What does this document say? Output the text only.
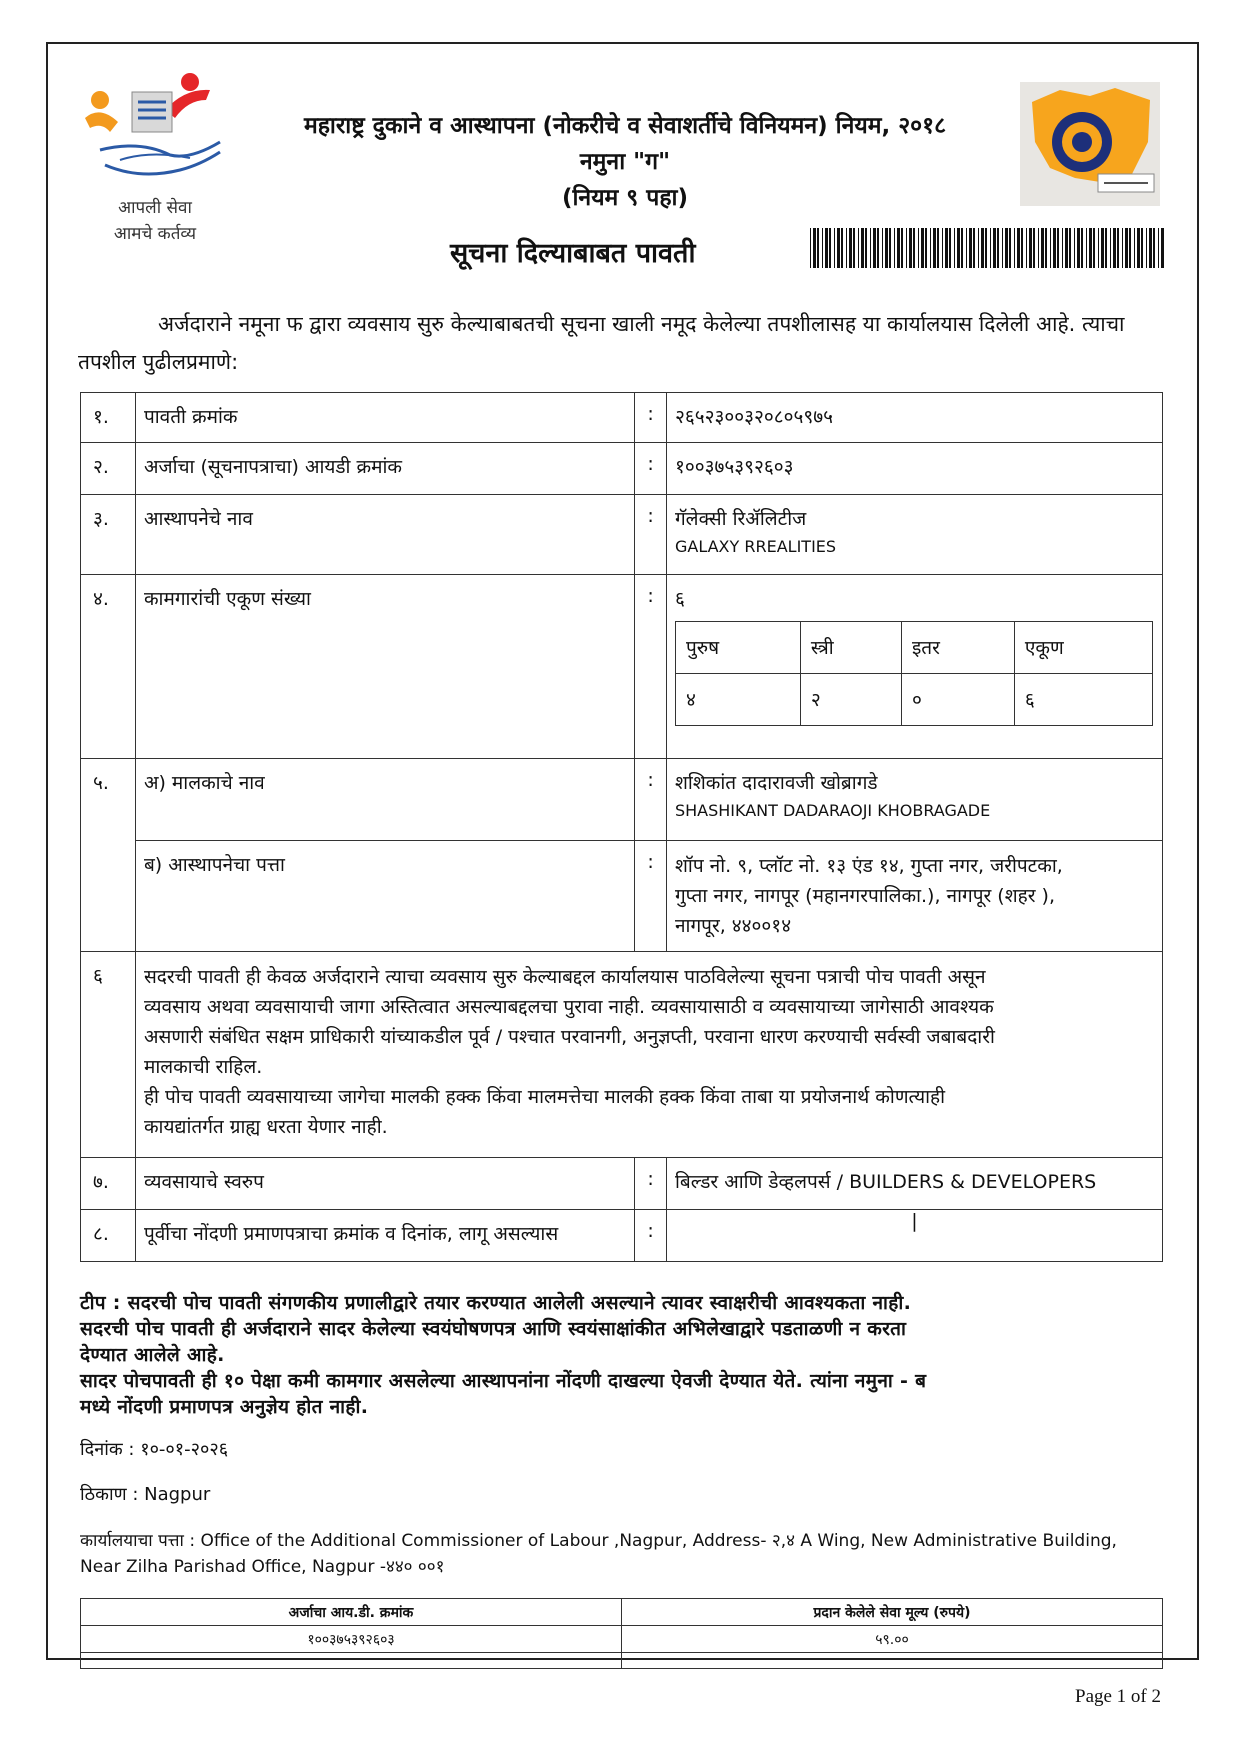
आपली सेवा
आमचे कर्तव्य
महाराष्ट्र दुकाने व आस्थापना (नोकरीचे व सेवाशर्तीचे विनियमन) नियम, २०१८
नमुना "ग"
(नियम ९ पहा)
सूचना दिल्याबाबत पावती

अर्जदाराने नमूना फ द्वारा व्यवसाय सुरु केल्याबाबतची सूचना खाली नमूद केलेल्या तपशीलासह या कार्यालयास दिलेली आहे. त्याचा तपशील पुढीलप्रमाणे:

१.	पावती क्रमांक	:	२६५२३००३२०८०५९७५
२.	अर्जाचा (सूचनापत्राचा) आयडी क्रमांक	:	१००३७५३९२६०३
३.	आस्थापनेचे नाव	:	गॅलेक्सी रिॲलिटीज
GALAXY RREALITIES

४.	कामगारांची एकूण संख्या	:	६
पुरुष	स्त्री	इतर	एकूण
४	२	०	६

५.	अ) मालकाचे नाव	:	शशिकांत दादारावजी खोब्रागडे
SHASHIKANT DADARAOJI KHOBRAGADE

ब) आस्थापनेचा पत्ता	:	शॉप नो. ९, प्लॉट नो. १३ एंड १४, गुप्ता नगर, जरीपटका,
गुप्ता नगर, नागपूर (महानगरपालिका.), नागपूर (शहर ),
नागपूर, ४४००१४

६	सदरची पावती ही केवळ अर्जदाराने त्याचा व्यवसाय सुरु केल्याबद्दल कार्यालयास पाठविलेल्या सूचना पत्राची पोच पावती असून
व्यवसाय अथवा व्यवसायाची जागा अस्तित्वात असल्याबद्दलचा पुरावा नाही. व्यवसायासाठी व व्यवसायाच्या जागेसाठी आवश्यक
असणारी संबंधित सक्षम प्राधिकारी यांच्याकडील पूर्व / पश्चात परवानगी, अनुज्ञप्ती, परवाना धारण करण्याची सर्वस्वी जबाबदारी
मालकाची राहिल.
ही पोच पावती व्यवसायाच्या जागेचा मालकी हक्क किंवा मालमत्तेचा मालकी हक्क किंवा ताबा या प्रयोजनार्थ कोणत्याही
कायद्यांतर्गत ग्राह्य धरता येणार नाही.

७.	व्यवसायाचे स्वरुप	:	बिल्डर आणि डेव्हलपर्स / BUILDERS & DEVELOPERS
८.	पूर्वीचा नोंदणी प्रमाणपत्राचा क्रमांक व दिनांक, लागू असल्यास	:	|
टीप : सदरची पोच पावती संगणकीय प्रणालीद्वारे तयार करण्यात आलेली असल्याने त्यावर स्वाक्षरीची आवश्यकता नाही.
सदरची पोच पावती ही अर्जदाराने सादर केलेल्या स्वयंघोषणपत्र आणि स्वयंसाक्षांकीत अभिलेखाद्वारे पडताळणी न करता
देण्यात आलेले आहे.
सादर पोचपावती ही १० पेक्षा कमी कामगार असलेल्या आस्थापनांना नोंदणी दाखल्या ऐवजी देण्यात येते. त्यांना नमुना - ब
मध्ये नोंदणी प्रमाणपत्र अनुज्ञेय होत नाही.
दिनांक : १०-०१-२०२६
ठिकाण : Nagpur
कार्यालयाचा पत्ता : Office of the Additional Commissioner of Labour ,Nagpur, Address- २,४ A Wing, New Administrative Building,
Near Zilha Parishad Office, Nagpur -४४० ००१
अर्जाचा आय.डी. क्रमांक	प्रदान केलेले सेवा मूल्य (रुपये)
१००३७५३९२६०३	५९.००

Page 1 of 2
